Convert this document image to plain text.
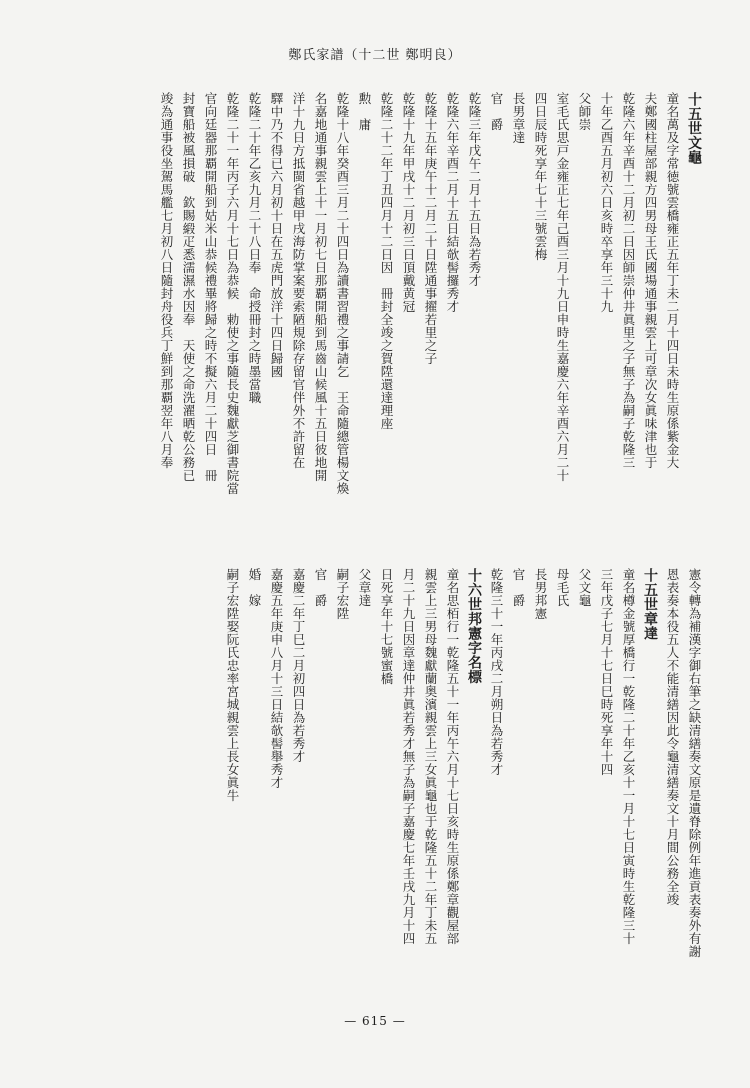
鄭氏家譜（十二世 鄭明良）
十五世文龜
童名萬及字常徳號雲橋雍正五年丁未二月十四日未時生原係紫金大
夫鄭國柱屋部親方四男母王氏國場通事親雲上可章次女眞味津也于
乾隆六年辛酉十二月初二日因師崇仲井眞里之子無子為嗣子乾隆三
十年乙酉五月初六日亥時卒享年三十九
父師崇
室毛氏思戸金雍正七年己酉三月十九日申時生嘉慶六年辛酉六月二十
四日辰時死享年七十三號雲梅
長男章達
官　爵
乾隆三年戊午二月十五日為若秀才
乾隆六年辛酉二月十五日結欹髻攞秀才
乾隆十五年庚午十二月二十日陞通事擢若里之子
乾隆十九年甲戌十二月初三日頂戴黄冠
乾隆二十二年丁丑四月十二日因　冊封全竣之賀陞還達理座
勲　庸
乾隆十八年癸酉三月二十四日為讀書習禮之事請乞　王命隨總管楊文煥
名嘉地通事親雲上十一月初七日那覇開船到馬齒山候風十五日彼地開
洋十九日方抵閩省越甲戌海防掌案要索陋規除存留官伴外不許留在
驛中乃不得已六月初十日在五虎門放洋十四日歸國
乾隆二十年乙亥九月二十八日奉　命授冊封之時墨當職
乾隆二十一年丙子六月十七日為恭候　勅使之事隨長史魏獻芝御書院當
官向廷器那覇開船到姑米山恭候禮畢將歸之時不擬六月二十四日　冊
封寶船被風損破　欽賜緞疋悉濡濕水因奉　天使之命洗濯晒乾公務已
竣為通事役坐駕馬艦七月初八日隨封舟役兵丁鮮到那覇翌年八月奉
憲令轉為補漢字御右筆之缺清繕奏文原是遺脊除例年進貢表奏外有謝
恩表奏本役五人不能清繕因此令龜清繕奏文十月間公務全竣
十五世章達
童名樽金號厚橋行一乾隆二十年乙亥十一月十七日寅時生乾隆三十
三年戊子七月十七日巳時死享年十四
父文龜
母毛氏
長男邦憲
官　爵
乾隆三十一年丙戌二月朔日為若秀才
十六世邦憲字名標
童名思栢行一乾隆五十一年丙午六月十七日亥時生原係鄭章觀屋部
親雲上三男母魏獻蘭奥濱親雲上三女眞龜也于乾隆五十二年丁未五
月二十九日因章達仲井眞若秀才無子為嗣子嘉慶七年壬戌九月十四
日死享年十七號蜜橋
父章達
嗣子宏陞
官　爵
嘉慶二年丁巳二月初四日為若秀才
嘉慶五年庚申八月十三日結欹髻舉秀才
婚　嫁
嗣子宏陞娶阮氏忠率宮城親雲上長女眞牛
— 615 —
